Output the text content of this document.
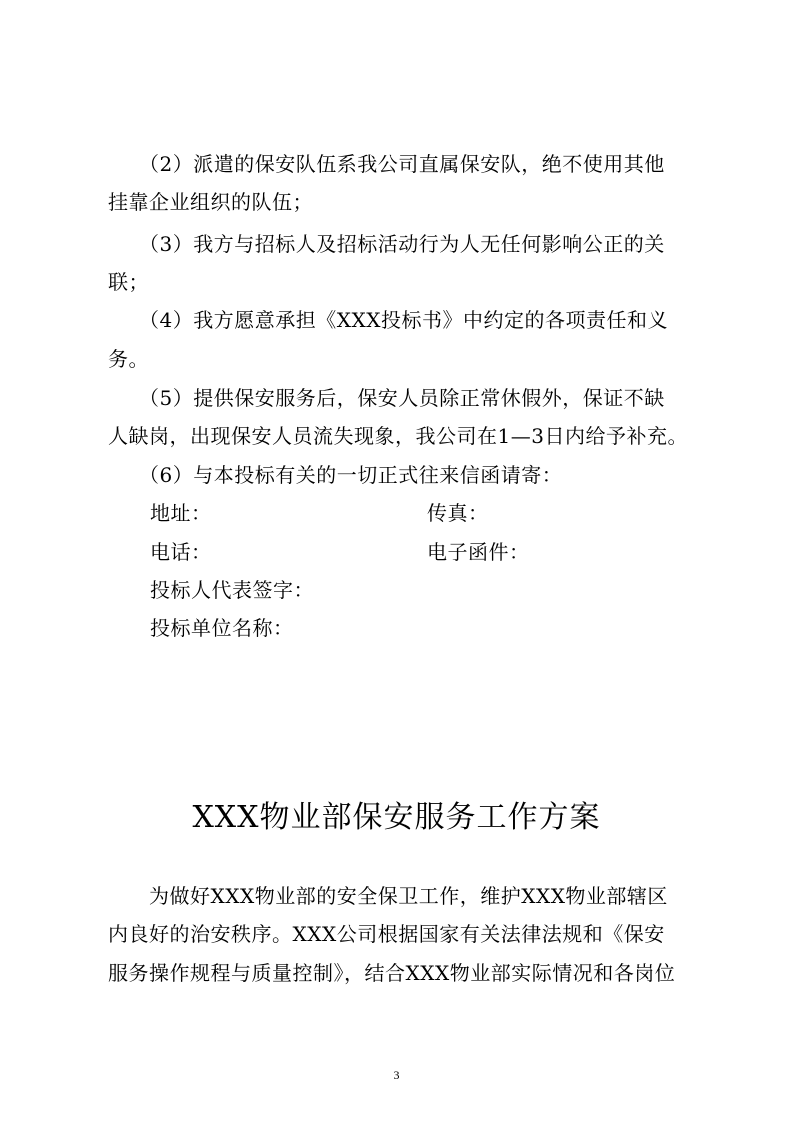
　　（2）派遣的保安队伍系我公司直属保安队，绝不使用其他
挂靠企业组织的队伍；
　　（3）我方与招标人及招标活动行为人无任何影响公正的关
联；
　　（4）我方愿意承担《XXX投标书》中约定的各项责任和义
务。
　　（5）提供保安服务后，保安人员除正常休假外，保证不缺
人缺岗，出现保安人员流失现象，我公司在1—3日内给予补充。
　　（6）与本投标有关的一切正式往来信函请寄：
地址：	传真：
电话：	电子函件：
投标人代表签字：
投标单位名称：
XXX物业部保安服务工作方案
　　为做好XXX物业部的安全保卫工作，维护XXX物业部辖区
内良好的治安秩序。XXX公司根据国家有关法律法规和《保安
服务操作规程与质量控制》，结合XXX物业部实际情况和各岗位
3
